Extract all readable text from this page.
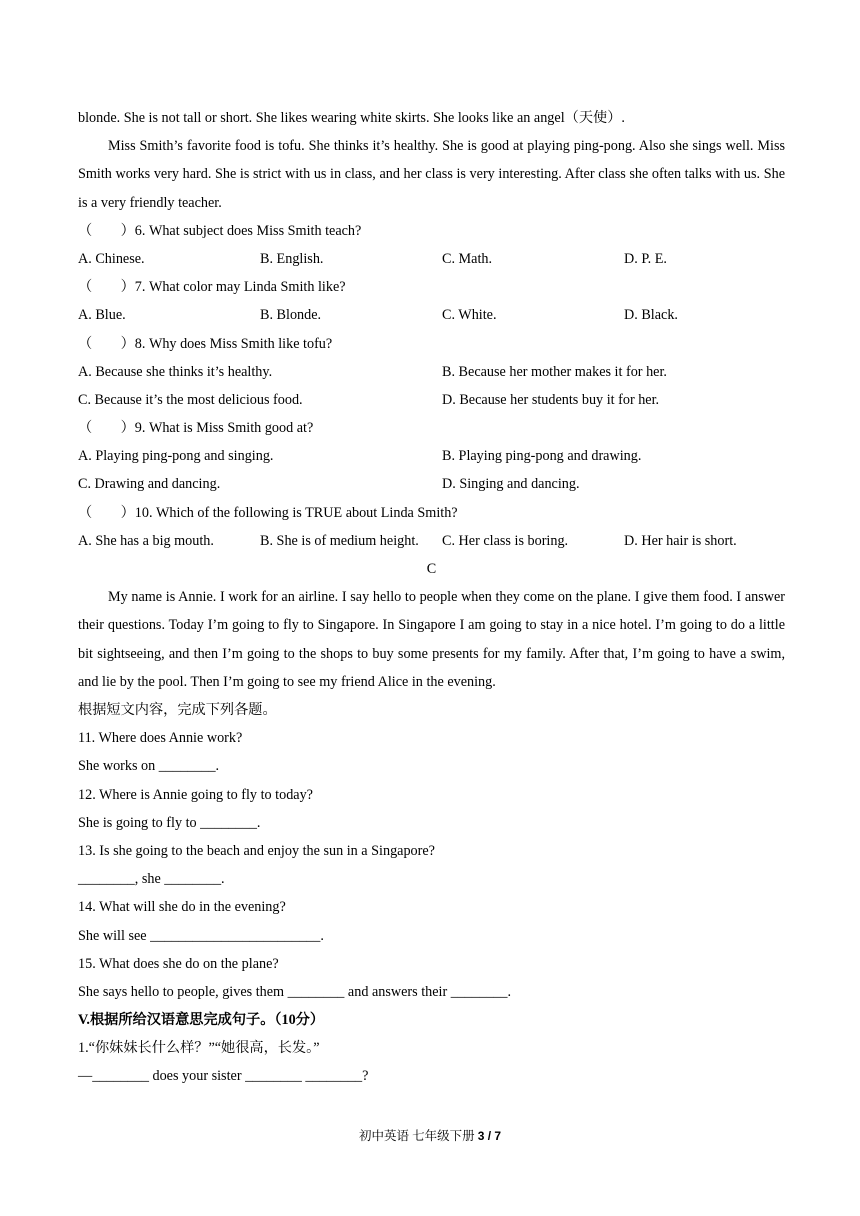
blonde. She is not tall or short. She likes wearing white skirts. She looks like an angel（天使）.
Miss Smith’s favorite food is tofu. She thinks it’s healthy. She is good at playing ping-pong. Also she sings well. Miss Smith works very hard. She is strict with us in class, and her class is very interesting. After class she often talks with us. She is a very friendly teacher.
（　　）6. What subject does Miss Smith teach?
A. Chinese.	B. English.	C. Math.	D. P. E.
（　　）7. What color may Linda Smith like?
A. Blue.	B. Blonde.	C. White.	D. Black.
（　　）8. Why does Miss Smith like tofu?
A. Because she thinks it’s healthy.	B. Because her mother makes it for her.
C. Because it’s the most delicious food.	D. Because her students buy it for her.
（　　）9. What is Miss Smith good at?
A. Playing ping-pong and singing.	B. Playing ping-pong and drawing.
C. Drawing and dancing.	D. Singing and dancing.
（　　）10. Which of the following is TRUE about Linda Smith?
A. She has a big mouth.	B. She is of medium height.	C. Her class is boring.	D. Her hair is short.
C
My name is Annie. I work for an airline. I say hello to people when they come on the plane. I give them food. I answer their questions. Today I’m going to fly to Singapore. In Singapore I am going to stay in a nice hotel. I’m going to do a little bit sightseeing, and then I’m going to the shops to buy some presents for my family. After that, I’m going to have a swim, and lie by the pool. Then I’m going to see my friend Alice in the evening.
根据短文内容，完成下列各题。
11. Where does Annie work?
She works on ________.
12. Where is Annie going to fly to today?
She is going to fly to ________.
13. Is she going to the beach and enjoy the sun in a Singapore?
________, she ________.
14. What will she do in the evening?
She will see ________________________.
15. What does she do on the plane?
She says hello to people, gives them ________ and answers their ________.
V.根据所给汉语意思完成句子。（10分）
1.“你妹妹长什么样？”“她很高，长发。”
—________ does your sister ________ ________?
初中英语 七年级下册 3 / 7
